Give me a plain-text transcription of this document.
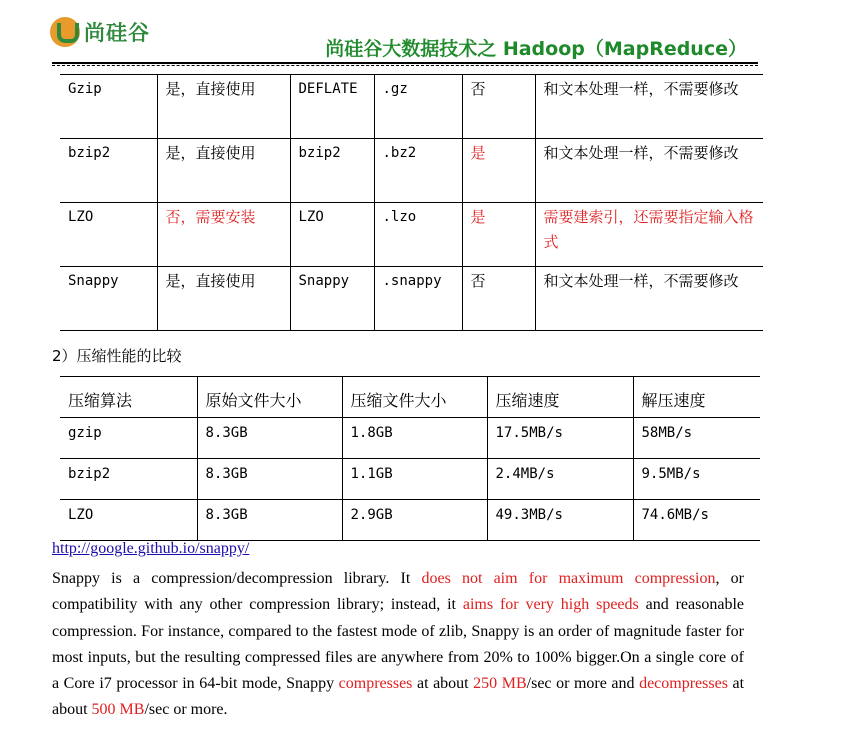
尚硅谷
尚硅谷大数据技术之 Hadoop（MapReduce）
Gzip	是，直接使用	DEFLATE	.gz	否	和文本处理一样，不需要修改
bzip2	是，直接使用	bzip2	.bz2	是	和文本处理一样，不需要修改
LZO	否，需要安装	LZO	.lzo	是	需要建索引，还需要指定输入格式
Snappy	是，直接使用	Snappy	.snappy	否	和文本处理一样，不需要修改
2）压缩性能的比较
压缩算法	原始文件大小	压缩文件大小	压缩速度	解压速度
gzip	8.3GB	1.8GB	17.5MB/s	58MB/s
bzip2	8.3GB	1.1GB	2.4MB/s	9.5MB/s
LZO	8.3GB	2.9GB	49.3MB/s	74.6MB/s
http://google.github.io/snappy/
Snappy is a compression/decompression library. It does not aim for maximum compression, or compatibility with any other compression library; instead, it aims for very high speeds and reasonable compression. For instance, compared to the fastest mode of zlib, Snappy is an order of magnitude faster for most inputs, but the resulting compressed files are anywhere from 20% to 100% bigger.On a single core of a Core i7 processor in 64-bit mode, Snappy compresses at about 250 MB/sec or more and decompresses at about 500 MB/sec or more.
